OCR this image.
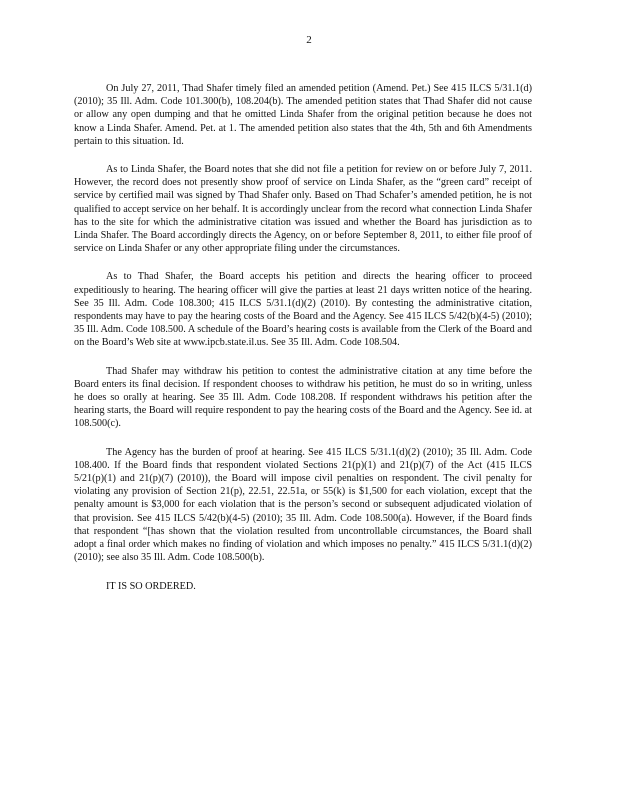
2

On July 27, 2011, Thad Shafer timely filed an amended petition (Amend. Pet.) See 415 ILCS 5/31.1(d) (2010); 35 Ill. Adm. Code 101.300(b), 108.204(b). The amended petition states that Thad Shafer did not cause or allow any open dumping and that he omitted Linda Shafer from the original petition because he does not know a Linda Shafer. Amend. Pet. at 1. The amended petition also states that the 4th, 5th and 6th Amendments pertain to this situation. Id.

As to Linda Shafer, the Board notes that she did not file a petition for review on or before July 7, 2011. However, the record does not presently show proof of service on Linda Shafer, as the “green card” receipt of service by certified mail was signed by Thad Shafer only. Based on Thad Schafer’s amended petition, he is not qualified to accept service on her behalf. It is accordingly unclear from the record what connection Linda Shafer has to the site for which the administrative citation was issued and whether the Board has jurisdiction as to Linda Shafer. The Board accordingly directs the Agency, on or before September 8, 2011, to either file proof of service on Linda Shafer or any other appropriate filing under the circumstances.

As to Thad Shafer, the Board accepts his petition and directs the hearing officer to proceed expeditiously to hearing. The hearing officer will give the parties at least 21 days written notice of the hearing. See 35 Ill. Adm. Code 108.300; 415 ILCS 5/31.1(d)(2) (2010). By contesting the administrative citation, respondents may have to pay the hearing costs of the Board and the Agency. See 415 ILCS 5/42(b)(4-5) (2010); 35 Ill. Adm. Code 108.500. A schedule of the Board’s hearing costs is available from the Clerk of the Board and on the Board’s Web site at www.ipcb.state.il.us. See 35 Ill. Adm. Code 108.504.

Thad Shafer may withdraw his petition to contest the administrative citation at any time before the Board enters its final decision. If respondent chooses to withdraw his petition, he must do so in writing, unless he does so orally at hearing. See 35 Ill. Adm. Code 108.208. If respondent withdraws his petition after the hearing starts, the Board will require respondent to pay the hearing costs of the Board and the Agency. See id. at 108.500(c).

The Agency has the burden of proof at hearing. See 415 ILCS 5/31.1(d)(2) (2010); 35 Ill. Adm. Code 108.400. If the Board finds that respondent violated Sections 21(p)(1) and 21(p)(7) of the Act (415 ILCS 5/21(p)(1) and 21(p)(7) (2010)), the Board will impose civil penalties on respondent. The civil penalty for violating any provision of Section 21(p), 22.51, 22.51a, or 55(k) is $1,500 for each violation, except that the penalty amount is $3,000 for each violation that is the person’s second or subsequent adjudicated violation of that provision. See 415 ILCS 5/42(b)(4-5) (2010); 35 Ill. Adm. Code 108.500(a). However, if the Board finds that respondent “[has shown that the violation resulted from uncontrollable circumstances, the Board shall adopt a final order which makes no finding of violation and which imposes no penalty.” 415 ILCS 5/31.1(d)(2) (2010); see also 35 Ill. Adm. Code 108.500(b).

IT IS SO ORDERED.
